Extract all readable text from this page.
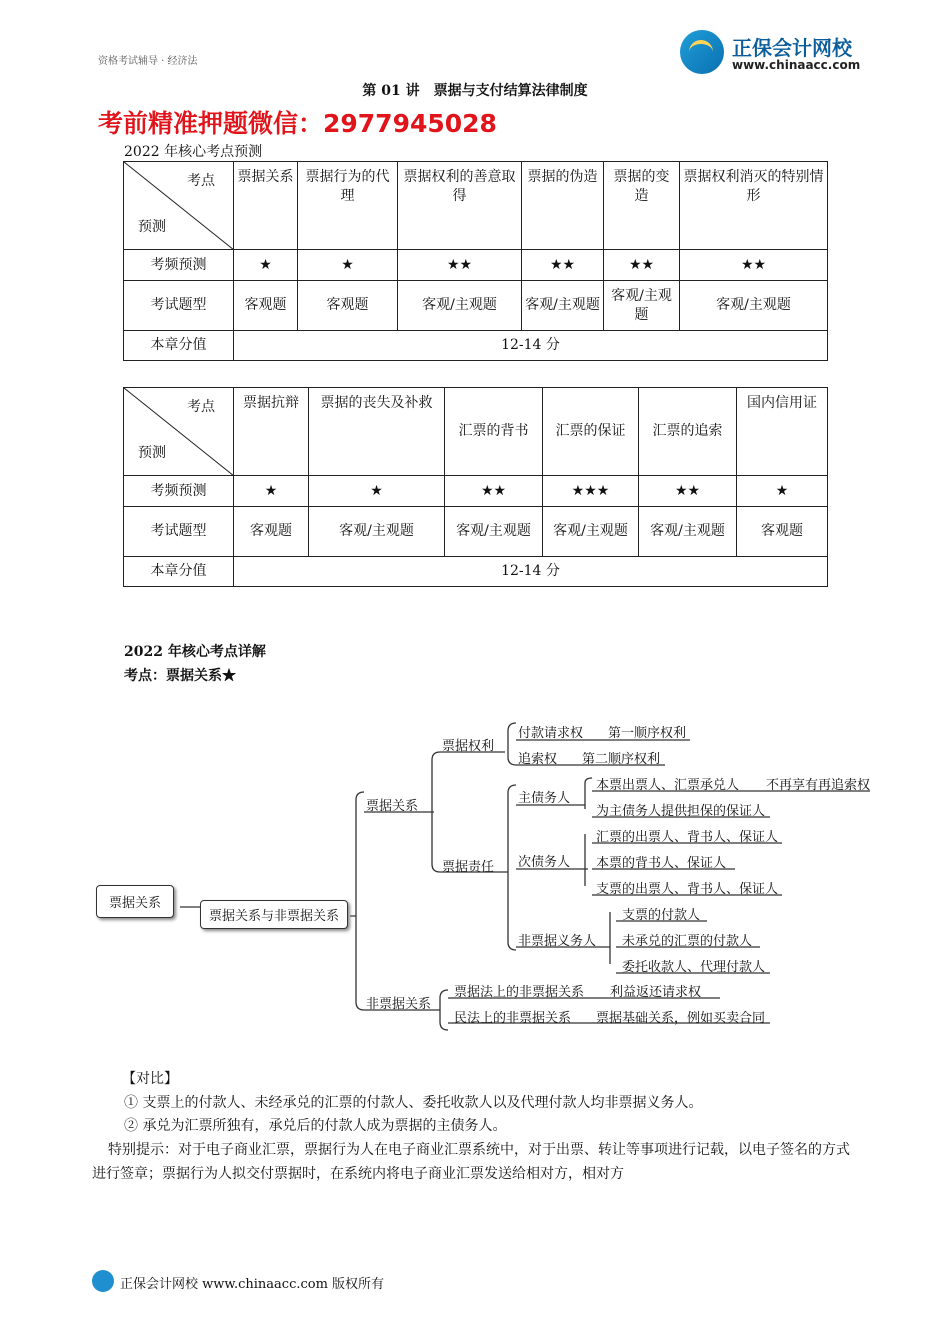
资格考试辅导 · 经济法
正保会计网校
www.chinaacc.com
第 01 讲　票据与支付结算法律制度
考前精准押题微信：2977945028
2022 年核心考点预测
考点
预测	票据关系	票据行为的代理	票据权利的善意取得	票据的伪造	票据的变造	票据权利消灭的特别情形
考频预测	★	★	★★	★★	★★	★★
考试题型	客观题	客观题	客观/主观题	客观/主观题	客观/主观题	客观/主观题
本章分值	12-14 分					
考点
预测	票据抗辩	票据的丧失及补救	汇票的背书	汇票的保证	汇票的追索	国内信用证
考频预测	★	★	★★	★★★	★★	★
考试题型	客观题	客观/主观题	客观/主观题	客观/主观题	客观/主观题	客观题
本章分值	12-14 分					
2022 年核心考点详解
考点：票据关系★
票据关系
票据关系与非票据关系
票据关系
非票据关系
票据权利
付款请求权 第一顺序权利
追索权 第二顺序权利
票据责任
主债务人
本票出票人、汇票承兑人 不再享有再追索权
为主债务人提供担保的保证人
次债务人
汇票的出票人、背书人、保证人
本票的背书人、保证人
支票的出票人、背书人、保证人
非票据义务人
支票的付款人
未承兑的汇票的付款人
委托收款人、代理付款人
票据法上的非票据关系 利益返还请求权
民法上的非票据关系 票据基础关系，例如买卖合同
【对比】
① 支票上的付款人、未经承兑的汇票的付款人、委托收款人以及代理付款人均非票据义务人。
② 承兑为汇票所独有，承兑后的付款人成为票据的主债务人。
特别提示：对于电子商业汇票，票据行为人在电子商业汇票系统中，对于出票、转让等事项进行记载，以电子签名的方式进行签章；票据行为人拟交付票据时，在系统内将电子商业汇票发送给相对方，相对方
正保会计网校 www.chinaacc.com 版权所有
